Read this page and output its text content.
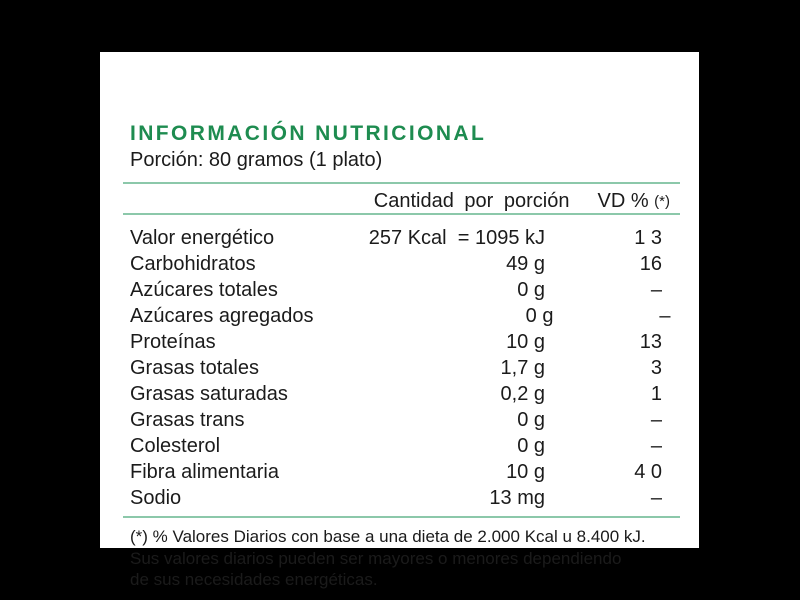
INFORMACIÓN NUTRICIONAL
Porción: 80 gramos (1 plato)
Cantidad por porción VD % (*)
Valor energético	257 Kcal  = 1095 kJ	1 3
Carbohidratos	49 g	16
Azúcares totales	0 g	–
Azúcares agregados	0 g	–
Proteínas	10 g	13
Grasas totales	1,7 g	3
Grasas saturadas	0,2 g	1
Grasas trans	0 g	–
Colesterol	0 g	–
Fibra alimentaria	10 g	4 0
Sodio	13 mg	–
(*) % Valores Diarios con base a una dieta de 2.000 Kcal u 8.400 kJ.
Sus valores diarios pueden ser mayores o menores dependiendo
de sus necesidades energéticas.
